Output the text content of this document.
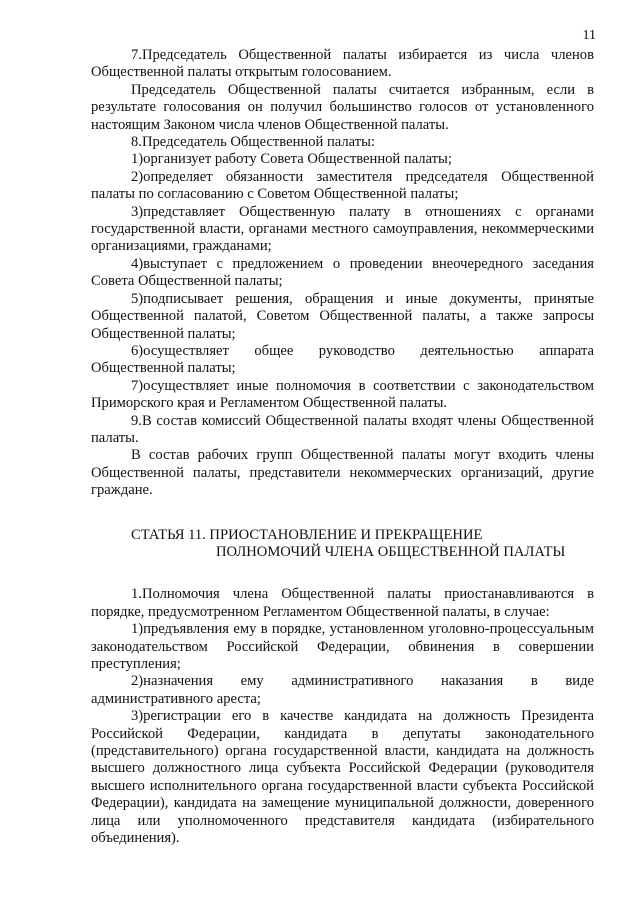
11

7.Председатель Общественной палаты избирается из числа членов Общественной палаты открытым голосованием.

Председатель Общественной палаты считается избранным, если в результате голосования он получил большинство голосов от установленного настоящим Законом числа членов Общественной палаты.

8.Председатель Общественной палаты:

1)организует работу Совета Общественной палаты;

2)определяет обязанности заместителя председателя Общественной палаты по согласованию с Советом Общественной палаты;

3)представляет Общественную палату в отношениях с органами государственной власти, органами местного самоуправления, некоммерческими организациями, гражданами;

4)выступает с предложением о проведении внеочередного заседания Совета Общественной палаты;

5)подписывает решения, обращения и иные документы, принятые Общественной палатой, Советом Общественной палаты, а также запросы Общественной палаты;

6)осуществляет общее руководство деятельностью аппарата Общественной палаты;

7)осуществляет иные полномочия в соответствии с законодательством Приморского края и Регламентом Общественной палаты.

9.В состав комиссий Общественной палаты входят члены Общественной палаты.

В состав рабочих групп Общественной палаты могут входить члены Общественной палаты, представители некоммерческих организаций, другие граждане.

СТАТЬЯ 11. ПРИОСТАНОВЛЕНИЕ И ПРЕКРАЩЕНИЕ

ПОЛНОМОЧИЙ ЧЛЕНА ОБЩЕСТВЕННОЙ ПАЛАТЫ

1.Полномочия члена Общественной палаты приостанавливаются в порядке, предусмотренном Регламентом Общественной палаты, в случае:

1)предъявления ему в порядке, установленном уголовно-процессуальным законодательством Российской Федерации, обвинения в совершении преступления;

2)назначения ему административного наказания в виде административного ареста;

3)регистрации его в качестве кандидата на должность Президента Российской Федерации, кандидата в депутаты законодательного (представительного) органа государственной власти, кандидата на должность высшего должностного лица субъекта Российской Федерации (руководителя высшего исполнительного органа государственной власти субъекта Российской Федерации), кандидата на замещение муниципальной должности, доверенного лица или уполномоченного представителя кандидата (избирательного объединения).
